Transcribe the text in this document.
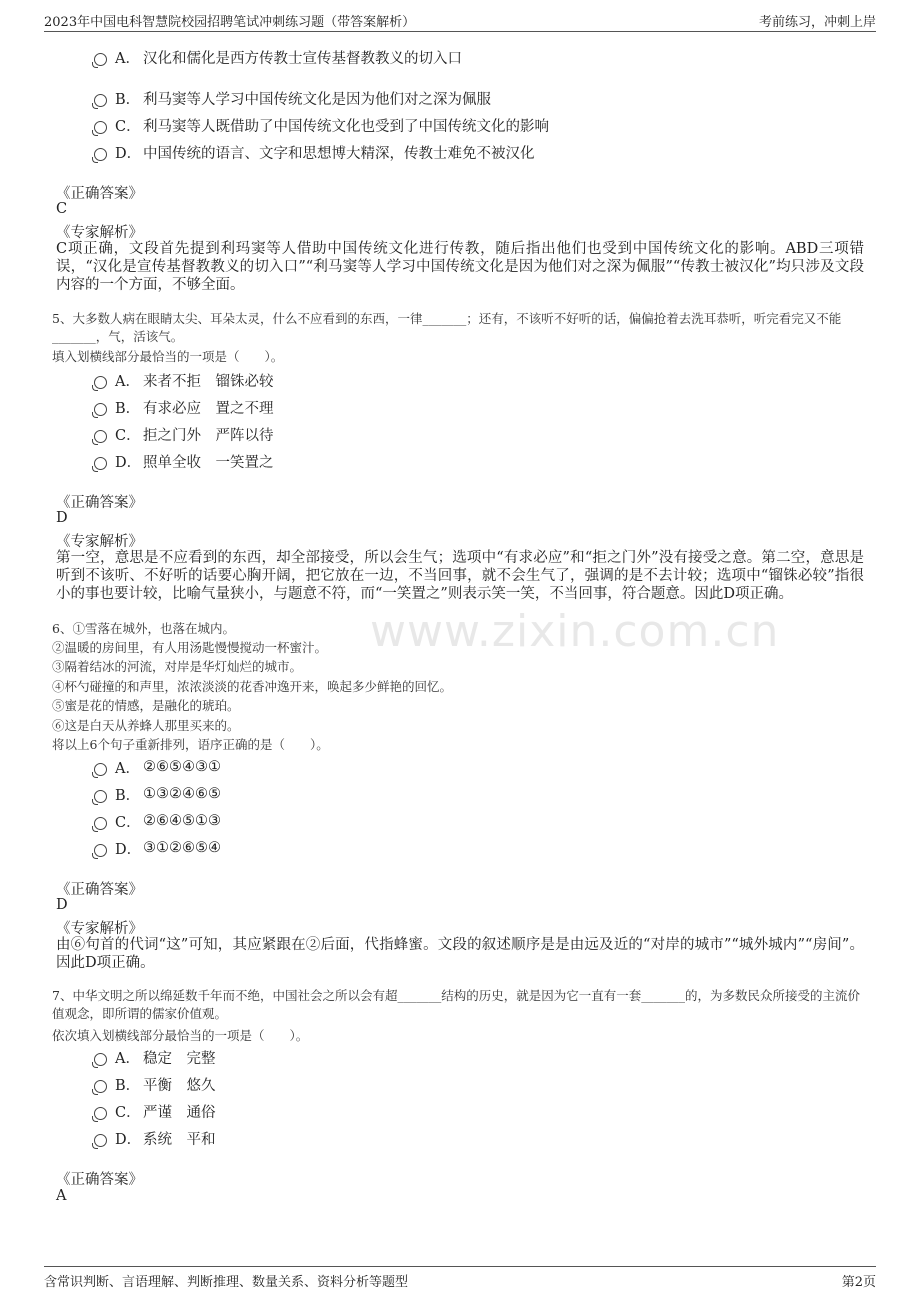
2023年中国电科智慧院校园招聘笔试冲刺练习题（带答案解析）	考前练习，冲刺上岸
www.zixin.com.cn
A． 汉化和儒化是西方传教士宣传基督教教义的切入口
B． 利马窦等人学习中国传统文化是因为他们对之深为佩服
C． 利马窦等人既借助了中国传统文化也受到了中国传统文化的影响
D． 中国传统的语言、文字和思想博大精深，传教士难免不被汉化
《正确答案》
C
《专家解析》
C项正确，文段首先提到利玛窦等人借助中国传统文化进行传教，随后指出他们也受到中国传统文化的影响。ABD三项错误，“汉化是宣传基督教教义的切入口”“利马窦等人学习中国传统文化是因为他们对之深为佩服”“传教士被汉化”均只涉及文段内容的一个方面，不够全面。
5、大多数人病在眼睛太尖、耳朵太灵，什么不应看到的东西，一律_______；还有，不该听不好听的话，偏偏抢着去洗耳恭听，听完看完又不能_______，气，活该气。
填入划横线部分最恰当的一项是（　　）。
A． 来者不拒　镏铢必较
B． 有求必应　置之不理
C． 拒之门外　严阵以待
D． 照单全收　一笑置之
《正确答案》
D
《专家解析》
第一空，意思是不应看到的东西，却全部接受，所以会生气；选项中“有求必应”和“拒之门外”没有接受之意。第二空，意思是听到不该听、不好听的话要心胸开阔，把它放在一边，不当回事，就不会生气了，强调的是不去计较；选项中“镏铢必较”指很小的事也要计较，比喻气量狭小，与题意不符，而“一笑置之”则表示笑一笑，不当回事，符合题意。因此D项正确。
6、①雪落在城外，也落在城内。
②温暖的房间里，有人用汤匙慢慢搅动一杯蜜汁。
③隔着结冰的河流，对岸是华灯灿烂的城市。
④杯勺碰撞的和声里，浓浓淡淡的花香冲逸开来，唤起多少鲜艳的回忆。
⑤蜜是花的情感，是融化的琥珀。
⑥这是白天从养蜂人那里买来的。
将以上6个句子重新排列，语序正确的是（　　）。
A． ②⑥⑤④③①
B． ①③②④⑥⑤
C． ②⑥④⑤①③
D． ③①②⑥⑤④
《正确答案》
D
《专家解析》
由⑥句首的代词“这”可知，其应紧跟在②后面，代指蜂蜜。文段的叙述顺序是是由远及近的“对岸的城市”“城外城内”“房间”。因此D项正确。
7、中华文明之所以绵延数千年而不绝，中国社会之所以会有超_______结构的历史，就是因为它一直有一套_______的，为多数民众所接受的主流价值观念，即所谓的儒家价值观。
依次填入划横线部分最恰当的一项是（　　）。
A． 稳定　完整
B． 平衡　悠久
C． 严谨　通俗
D． 系统　平和
《正确答案》
A
含常识判断、言语理解、判断推理、数量关系、资料分析等题型	第2页
